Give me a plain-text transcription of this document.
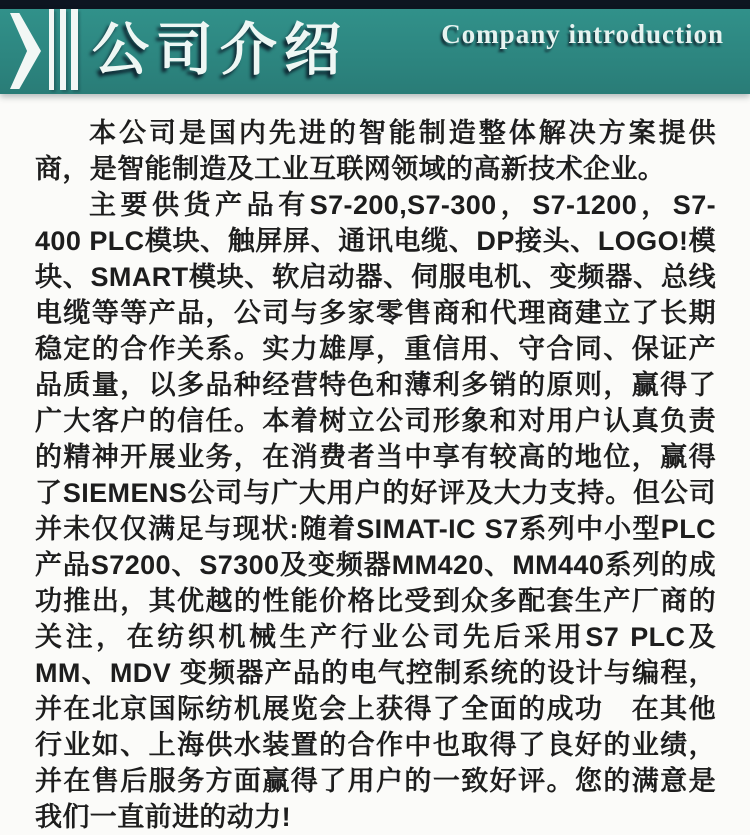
公司介绍	Company introduction

本公司是国内先进的智能制造整体解决方案提供商，是智能制造及工业互联网领域的高新技术企业。

主要供货产品有S7-200,S7-300，S7-1200，S7-400 PLC模块、触屏屏、通讯电缆、DP接头、LOGO!模块、SMART模块、软启动器、伺服电机、变频器、总线电缆等等产品，公司与多家零售商和代理商建立了长期稳定的合作关系。实力雄厚，重信用、守合同、保证产品质量，以多品种经营特色和薄利多销的原则，赢得了广大客户的信任。本着树立公司形象和对用户认真负责的精神开展业务，在消费者当中享有较高的地位，赢得了SIEMENS公司与广大用户的好评及大力支持。但公司并未仅仅满足与现状:随着SIMAT-IC S7系列中小型PLC产品S7200、S7300及变频器MM420、MM440系列的成功推出，其优越的性能价格比受到众多配套生产厂商的关注，在纺织机械生产行业公司先后采用S7 PLC及 MM、MDV 变频器产品的电气控制系统的设计与编程，并在北京国际纺机展览会上获得了全面的成功　在其他行业如、上海供水装置的合作中也取得了良好的业绩，并在售后服务方面赢得了用户的一致好评。您的满意是我们一直前进的动力!
